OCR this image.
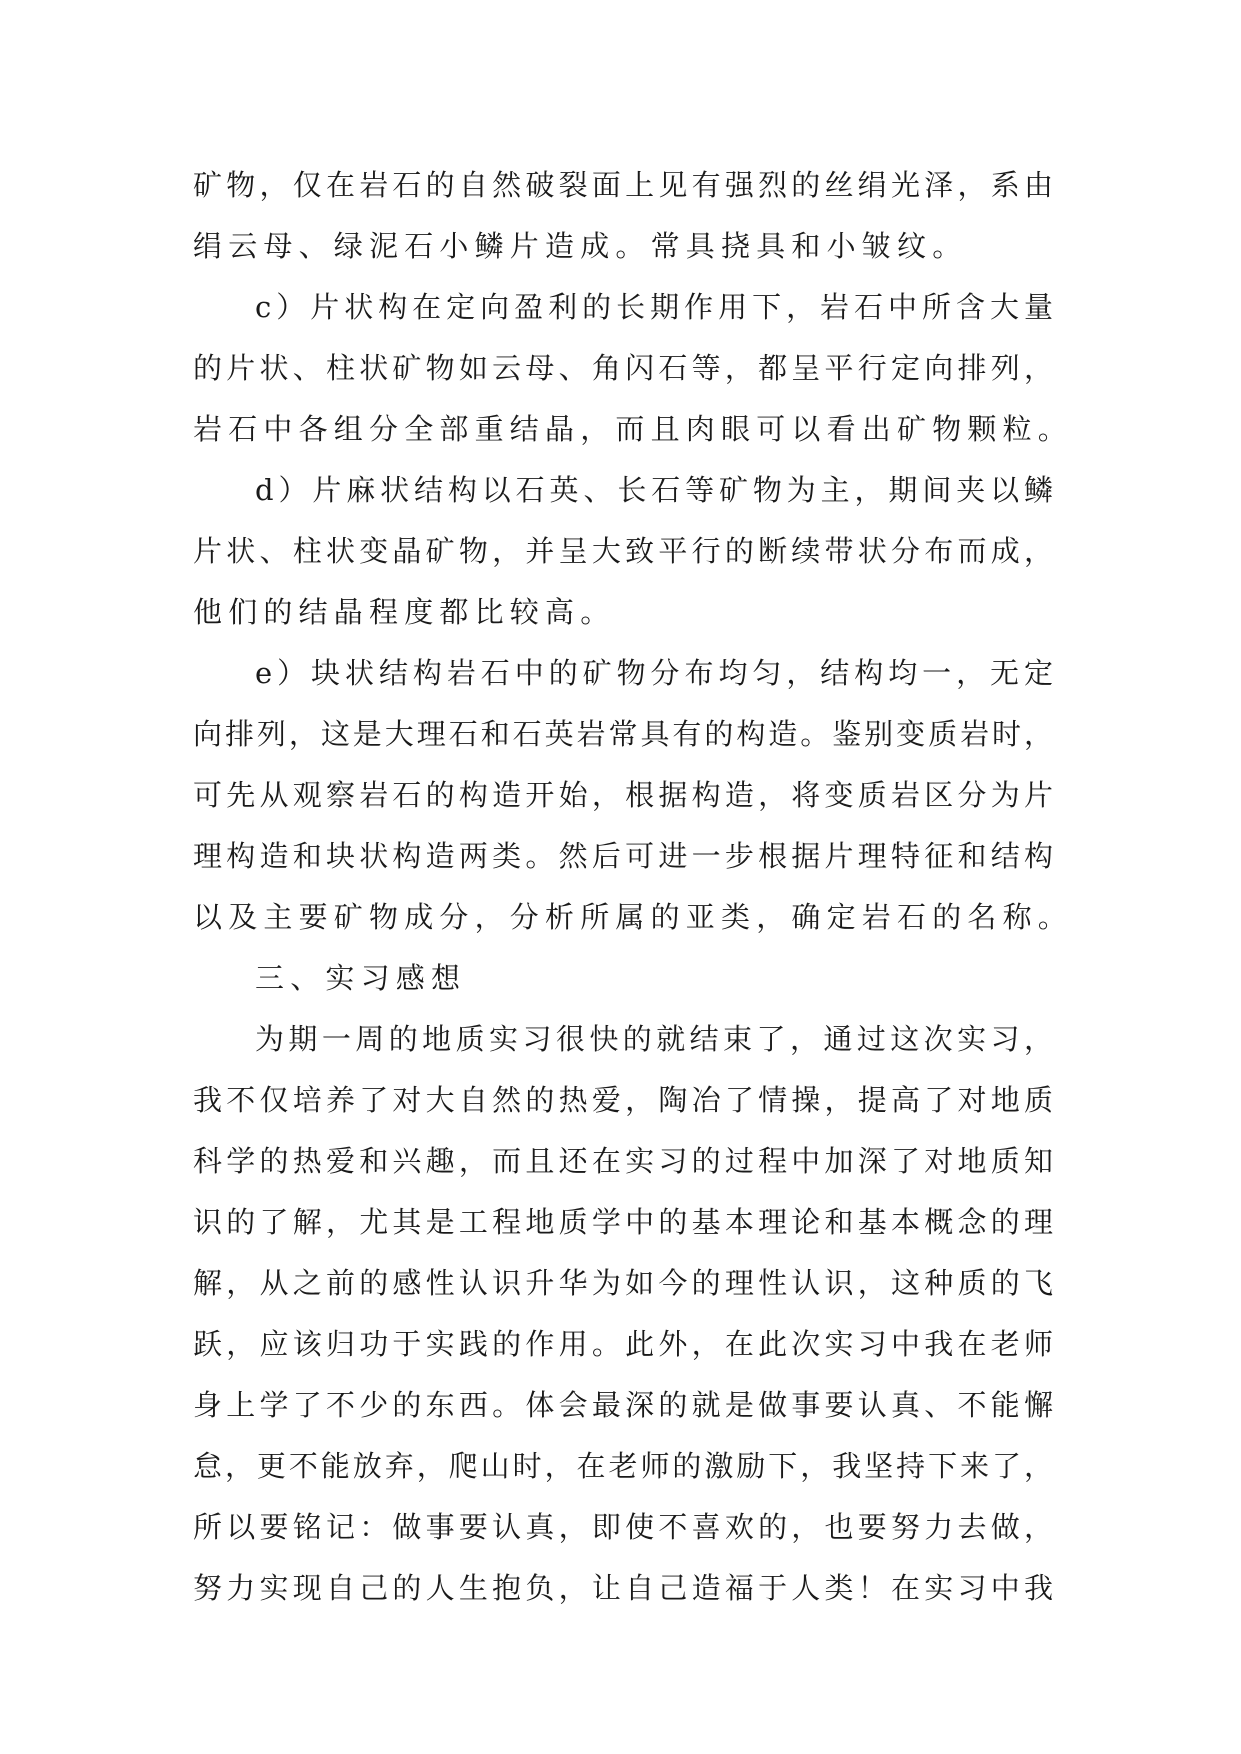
矿物，仅在岩石的自然破裂面上见有强烈的丝绢光泽，系由
绢云母、绿泥石小鳞片造成。常具挠具和小皱纹。
c）片状构在定向盈利的长期作用下，岩石中所含大量
的片状、柱状矿物如云母、角闪石等，都呈平行定向排列，
岩石中各组分全部重结晶，而且肉眼可以看出矿物颗粒。
d）片麻状结构以石英、长石等矿物为主，期间夹以鳞
片状、柱状变晶矿物，并呈大致平行的断续带状分布而成，
他们的结晶程度都比较高。
e）块状结构岩石中的矿物分布均匀，结构均一，无定
向排列，这是大理石和石英岩常具有的构造。鉴别变质岩时，
可先从观察岩石的构造开始，根据构造，将变质岩区分为片
理构造和块状构造两类。然后可进一步根据片理特征和结构
以及主要矿物成分，分析所属的亚类，确定岩石的名称。
三、实习感想
为期一周的地质实习很快的就结束了，通过这次实习，
我不仅培养了对大自然的热爱，陶冶了情操，提高了对地质
科学的热爱和兴趣，而且还在实习的过程中加深了对地质知
识的了解，尤其是工程地质学中的基本理论和基本概念的理
解，从之前的感性认识升华为如今的理性认识，这种质的飞
跃，应该归功于实践的作用。此外，在此次实习中我在老师
身上学了不少的东西。体会最深的就是做事要认真、不能懈
怠，更不能放弃，爬山时，在老师的激励下，我坚持下来了，
所以要铭记：做事要认真，即使不喜欢的，也要努力去做，
努力实现自己的人生抱负，让自己造福于人类！在实习中我
